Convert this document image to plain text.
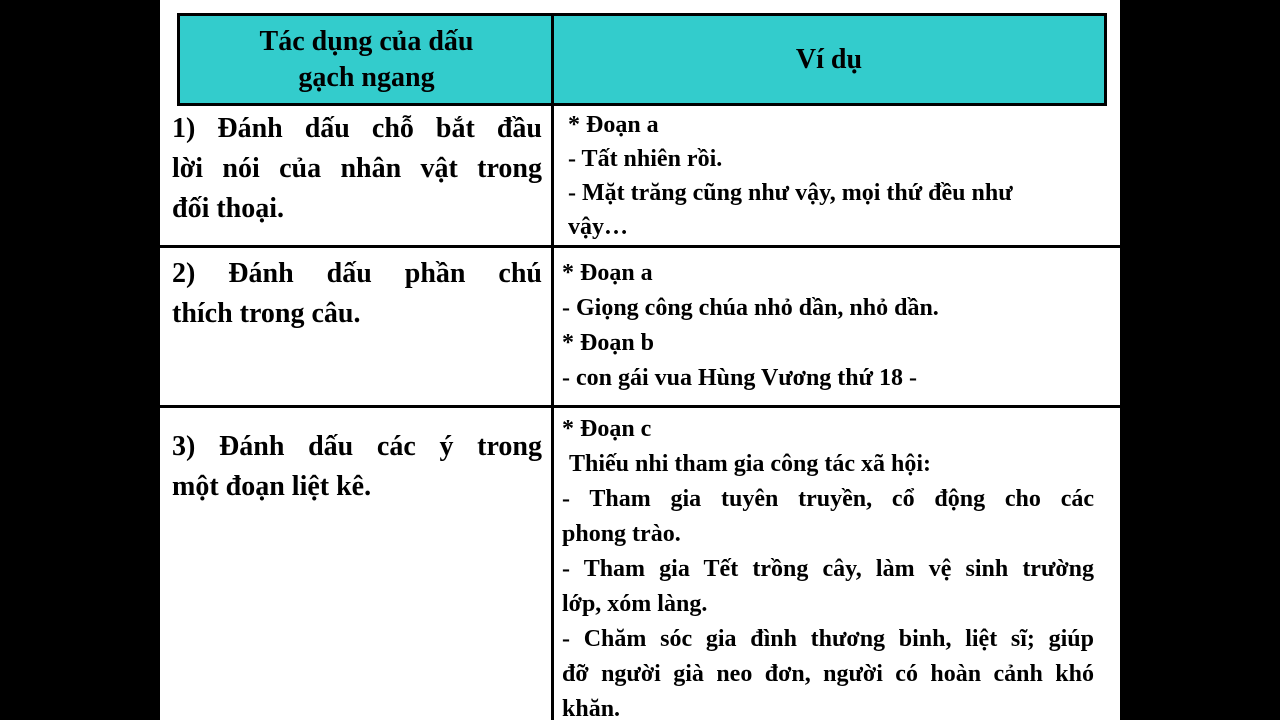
Tác dụng của dấu
gạch ngang
Ví dụ

1) Đánh dấu chỗ bắt đầu

lời nói của nhân vật trong

đối thoại.

* Đoạn a

- Tất nhiên rồi.

- Mặt trăng cũng như vậy, mọi thứ đều như

vậy…

2) Đánh dấu phần chú

thích trong câu.

* Đoạn a

- Giọng công chúa nhỏ dần, nhỏ dần.

* Đoạn b

- con gái vua Hùng Vương thứ 18 -

3) Đánh dấu các ý trong

một đoạn liệt kê.

* Đoạn c

Thiếu nhi tham gia công tác xã hội:

- Tham gia tuyên truyền, cổ động cho các

phong trào.

- Tham gia Tết trồng cây, làm vệ sinh trường

lớp, xóm làng.

- Chăm sóc gia đình thương binh, liệt sĩ; giúp

đỡ người già neo đơn, người có hoàn cảnh khó

khăn.
